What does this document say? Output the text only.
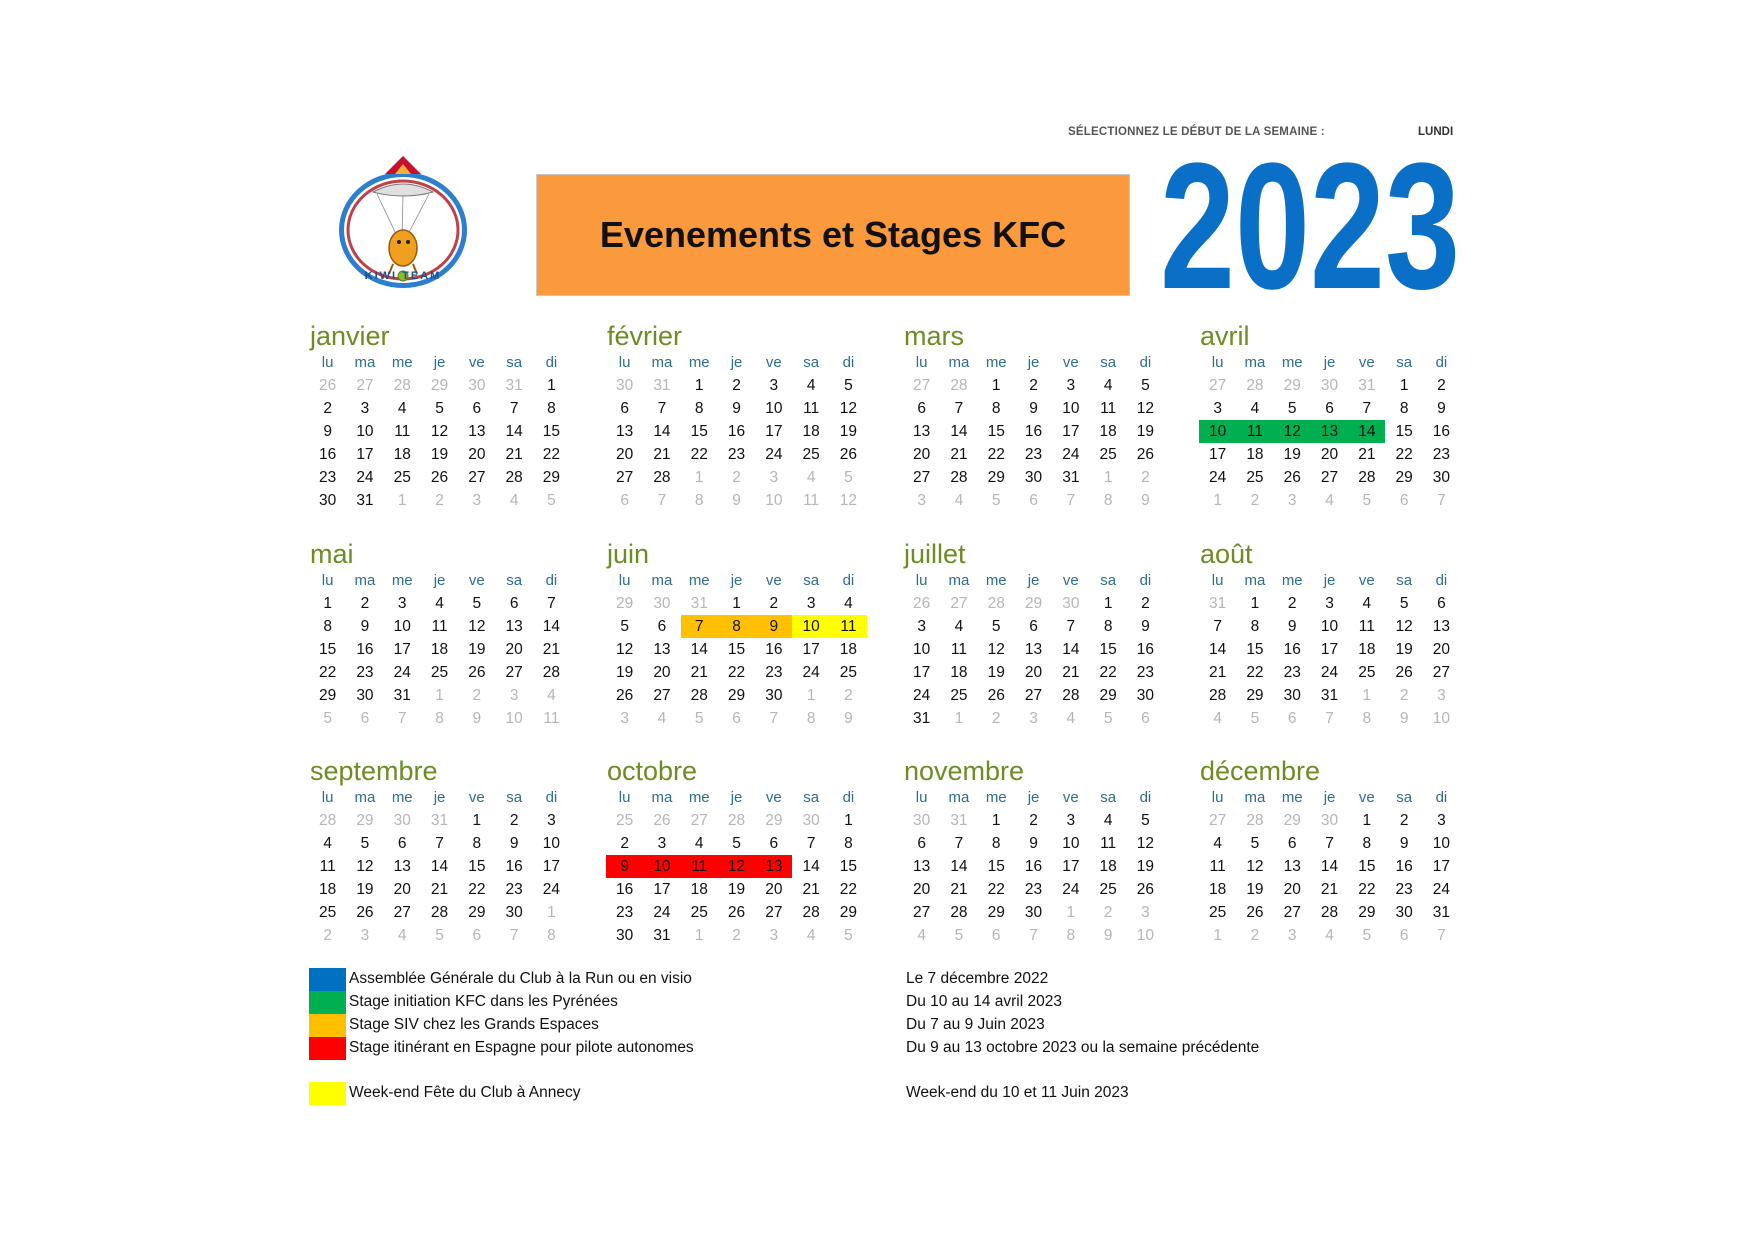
SÉLECTIONNEZ LE DÉBUT DE LA SEMAINE :	LUNDI
KIWI TEAM
Evenements et Stages KFC 2023
janvier
lu	ma	me	je	ve	sa	di
26	27	28	29	30	31	1
2	3	4	5	6	7	8
9	10	11	12	13	14	15
16	17	18	19	20	21	22
23	24	25	26	27	28	29
30	31	1	2	3	4	5
février
lu	ma	me	je	ve	sa	di
30	31	1	2	3	4	5
6	7	8	9	10	11	12
13	14	15	16	17	18	19
20	21	22	23	24	25	26
27	28	1	2	3	4	5
6	7	8	9	10	11	12
mars
lu	ma	me	je	ve	sa	di
27	28	1	2	3	4	5
6	7	8	9	10	11	12
13	14	15	16	17	18	19
20	21	22	23	24	25	26
27	28	29	30	31	1	2
3	4	5	6	7	8	9
avril
lu	ma	me	je	ve	sa	di
27	28	29	30	31	1	2
3	4	5	6	7	8	9
10	11	12	13	14	15	16
17	18	19	20	21	22	23
24	25	26	27	28	29	30
1	2	3	4	5	6	7
mai
lu	ma	me	je	ve	sa	di
1	2	3	4	5	6	7
8	9	10	11	12	13	14
15	16	17	18	19	20	21
22	23	24	25	26	27	28
29	30	31	1	2	3	4
5	6	7	8	9	10	11
juin
lu	ma	me	je	ve	sa	di
29	30	31	1	2	3	4
5	6	7	8	9	10	11
12	13	14	15	16	17	18
19	20	21	22	23	24	25
26	27	28	29	30	1	2
3	4	5	6	7	8	9
juillet
lu	ma	me	je	ve	sa	di
26	27	28	29	30	1	2
3	4	5	6	7	8	9
10	11	12	13	14	15	16
17	18	19	20	21	22	23
24	25	26	27	28	29	30
31	1	2	3	4	5	6
août
lu	ma	me	je	ve	sa	di
31	1	2	3	4	5	6
7	8	9	10	11	12	13
14	15	16	17	18	19	20
21	22	23	24	25	26	27
28	29	30	31	1	2	3
4	5	6	7	8	9	10
septembre
lu	ma	me	je	ve	sa	di
28	29	30	31	1	2	3
4	5	6	7	8	9	10
11	12	13	14	15	16	17
18	19	20	21	22	23	24
25	26	27	28	29	30	1
2	3	4	5	6	7	8
octobre
lu	ma	me	je	ve	sa	di
25	26	27	28	29	30	1
2	3	4	5	6	7	8
9	10	11	12	13	14	15
16	17	18	19	20	21	22
23	24	25	26	27	28	29
30	31	1	2	3	4	5
novembre
lu	ma	me	je	ve	sa	di
30	31	1	2	3	4	5
6	7	8	9	10	11	12
13	14	15	16	17	18	19
20	21	22	23	24	25	26
27	28	29	30	1	2	3
4	5	6	7	8	9	10
décembre
lu	ma	me	je	ve	sa	di
27	28	29	30	1	2	3
4	5	6	7	8	9	10
11	12	13	14	15	16	17
18	19	20	21	22	23	24
25	26	27	28	29	30	31
1	2	3	4	5	6	7
Assemblée Générale du Club à la Run ou en visio	Le 7 décembre 2022
Stage initiation KFC dans les Pyrénées	Du 10 au 14 avril 2023
Stage SIV chez les Grands Espaces	Du 7 au 9 Juin 2023
Stage itinérant en Espagne pour pilote autonomes	Du 9 au 13 octobre 2023 ou la semaine précédente
Week-end Fête du Club à Annecy	Week-end du 10 et 11 Juin 2023
